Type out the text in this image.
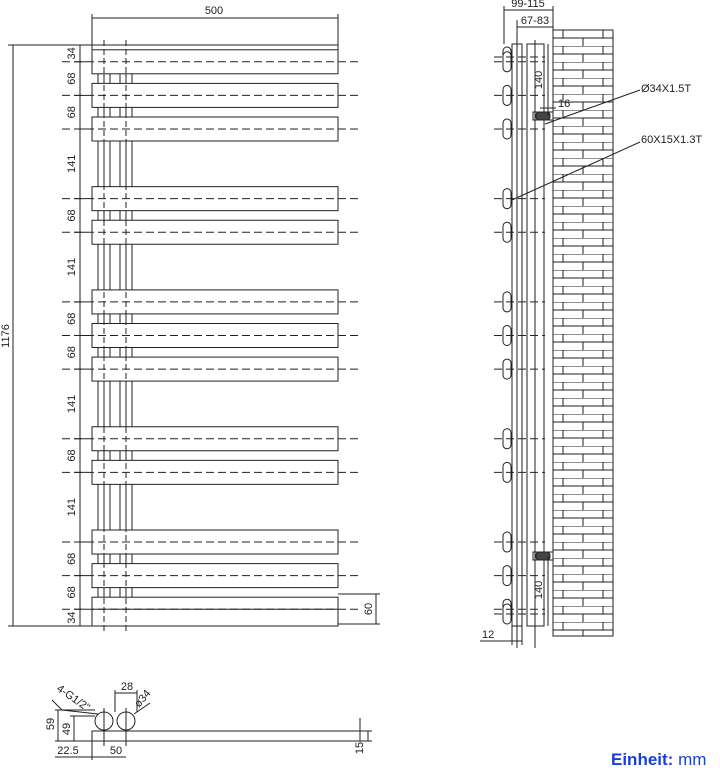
500
1176
34
68
68
141
68
141
68
68
141
68
141
68
68
34
60
99-115
67-83
140
16
140
12
Ø34X1.5T
60X15X1.3T
4-G1/2"	28
ø34
59 49
22.5	50	15
Einheit: mm
